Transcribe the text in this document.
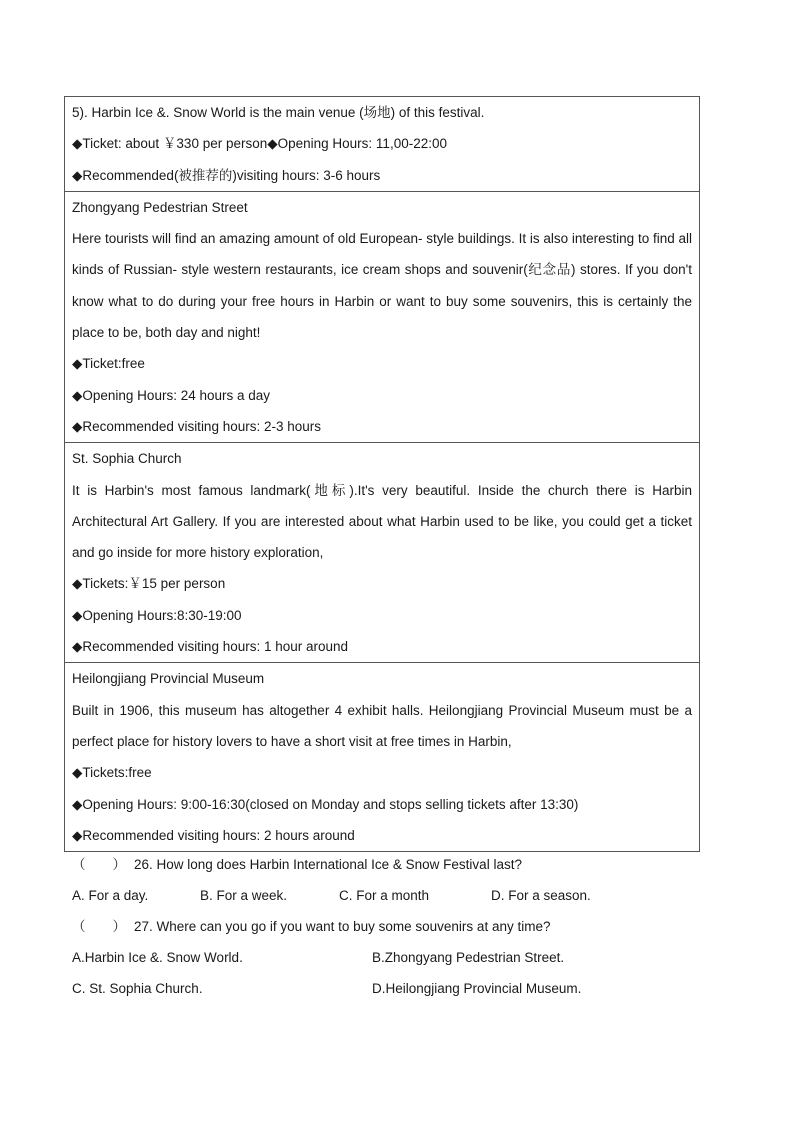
5). Harbin Ice &. Snow World is the main venue (场地) of this festival.
◆ Ticket: about ￥330 per person◆Opening Hours: 11,00-22:00
◆ Recommended(被推荐的)visiting hours: 3-6 hours
Zhongyang Pedestrian Street
Here tourists will find an amazing amount of old European- style buildings. It is also interesting to find all kinds of Russian- style western restaurants, ice cream shops and souvenir(纪念品) stores. If you don't know what to do during your free hours in Harbin or want to buy some souvenirs, this is certainly the place to be, both day and night!
◆ Ticket:free
◆ Opening Hours: 24 hours a day
◆ Recommended visiting hours: 2-3 hours
St. Sophia Church
It is Harbin's most famous landmark(地标).It's very beautiful. Inside the church there is Harbin Architectural Art Gallery. If you are interested about what Harbin used to be like, you could get a ticket and go inside for more history exploration,
◆ Tickets:￥15 per person
◆ Opening Hours:8:30-19:00
◆ Recommended visiting hours: 1 hour around
Heilongjiang Provincial Museum
Built in 1906, this museum has altogether 4 exhibit halls. Heilongjiang Provincial Museum must be a perfect place for history lovers to have a short visit at free times in Harbin,
◆ Tickets:free
◆ Opening Hours: 9:00-16:30(closed on Monday and stops selling tickets after 13:30)
◆ Recommended visiting hours: 2 hours around
（　　） 26. How long does Harbin International Ice & Snow Festival last?
A. For a day.	B. For a week.	C. For a month	D. For a season.
（　　） 27. Where can you go if you want to buy some souvenirs at any time?
A.Harbin Ice &. Snow World.	B.Zhongyang Pedestrian Street.
C. St. Sophia Church.	D.Heilongjiang Provincial Museum.
